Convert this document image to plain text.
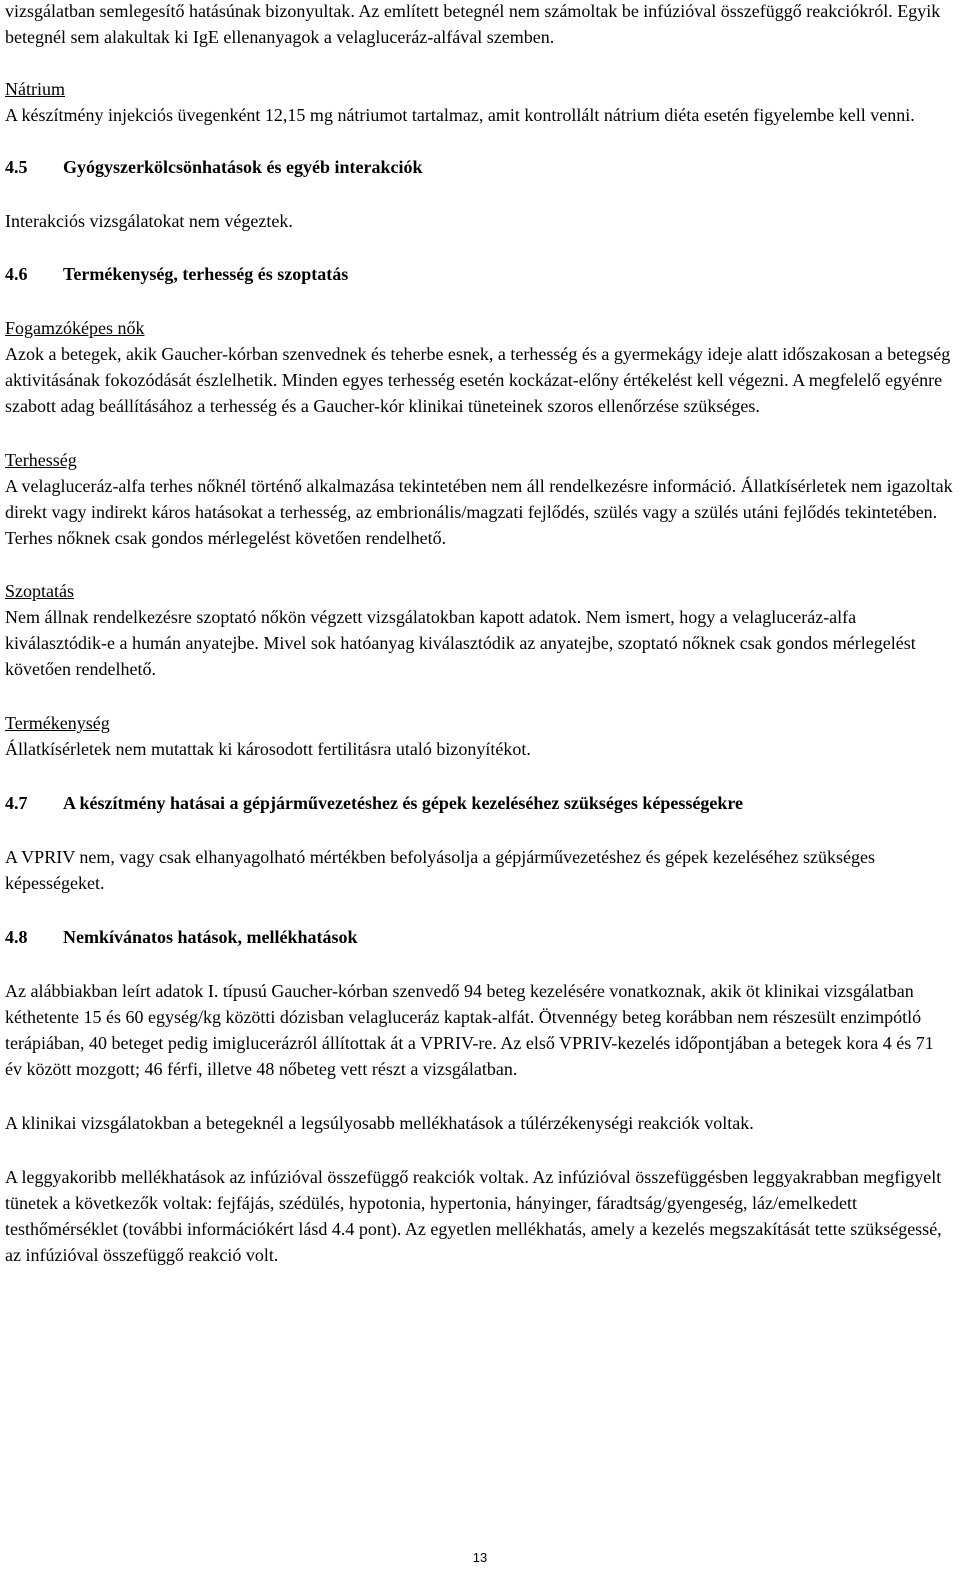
vizsgálatban semlegesítő hatásúnak bizonyultak. Az említett betegnél nem számoltak be infúzióval összefüggő reakciókról. Egyik betegnél sem alakultak ki IgE ellenanyagok a velagluceráz-alfával szemben.

Nátrium

A készítmény injekciós üvegenként 12,15 mg nátriumot tartalmaz, amit kontrollált nátrium diéta esetén figyelembe kell venni.

4.5	Gyógyszerkölcsönhatások és egyéb interakciók

Interakciós vizsgálatokat nem végeztek.

4.6	Termékenység, terhesség és szoptatás

Fogamzóképes nők

Azok a betegek, akik Gaucher-kórban szenvednek és teherbe esnek, a terhesség és a gyermekágy ideje alatt időszakosan a betegség aktivitásának fokozódását észlelhetik. Minden egyes terhesség esetén kockázat-előny értékelést kell végezni. A megfelelő egyénre szabott adag beállításához a terhesség és a Gaucher-kór klinikai tüneteinek szoros ellenőrzése szükséges.

Terhesség

A velagluceráz-alfa terhes nőknél történő alkalmazása tekintetében nem áll rendelkezésre információ. Állatkísérletek nem igazoltak direkt vagy indirekt káros hatásokat a terhesség, az embrionális/magzati fejlődés, szülés vagy a szülés utáni fejlődés tekintetében. Terhes nőknek csak gondos mérlegelést követően rendelhető.

Szoptatás

Nem állnak rendelkezésre szoptató nőkön végzett vizsgálatokban kapott adatok. Nem ismert, hogy a velagluceráz-alfa kiválasztódik-e a humán anyatejbe. Mivel sok hatóanyag kiválasztódik az anyatejbe, szoptató nőknek csak gondos mérlegelést követően rendelhető.

Termékenység

Állatkísérletek nem mutattak ki károsodott fertilitásra utaló bizonyítékot.

4.7	A készítmény hatásai a gépjárművezetéshez és gépek kezeléséhez szükséges képességekre

A VPRIV nem, vagy csak elhanyagolható mértékben befolyásolja a gépjárművezetéshez és gépek kezeléséhez szükséges képességeket.

4.8	Nemkívánatos hatások, mellékhatások

Az alábbiakban leírt adatok I. típusú Gaucher-kórban szenvedő 94 beteg kezelésére vonatkoznak, akik öt klinikai vizsgálatban kéthetente 15 és 60 egység/kg közötti dózisban velagluceráz kaptak-alfát. Ötvennégy beteg korábban nem részesült enzimpótló terápiában, 40 beteget pedig imiglucerázról állítottak át a VPRIV-re. Az első VPRIV-kezelés időpontjában a betegek kora 4 és 71 év között mozgott; 46 férfi, illetve 48 nőbeteg vett részt a vizsgálatban.

A klinikai vizsgálatokban a betegeknél a legsúlyosabb mellékhatások a túlérzékenységi reakciók voltak.

A leggyakoribb mellékhatások az infúzióval összefüggő reakciók voltak. Az infúzióval összefüggésben leggyakrabban megfigyelt tünetek a következők voltak: fejfájás, szédülés, hypotonia, hypertonia, hányinger, fáradtság/gyengeség, láz/emelkedett testhőmérséklet (további információkért lásd 4.4 pont). Az egyetlen mellékhatás, amely a kezelés megszakítását tette szükségessé, az infúzióval összefüggő reakció volt.

13
